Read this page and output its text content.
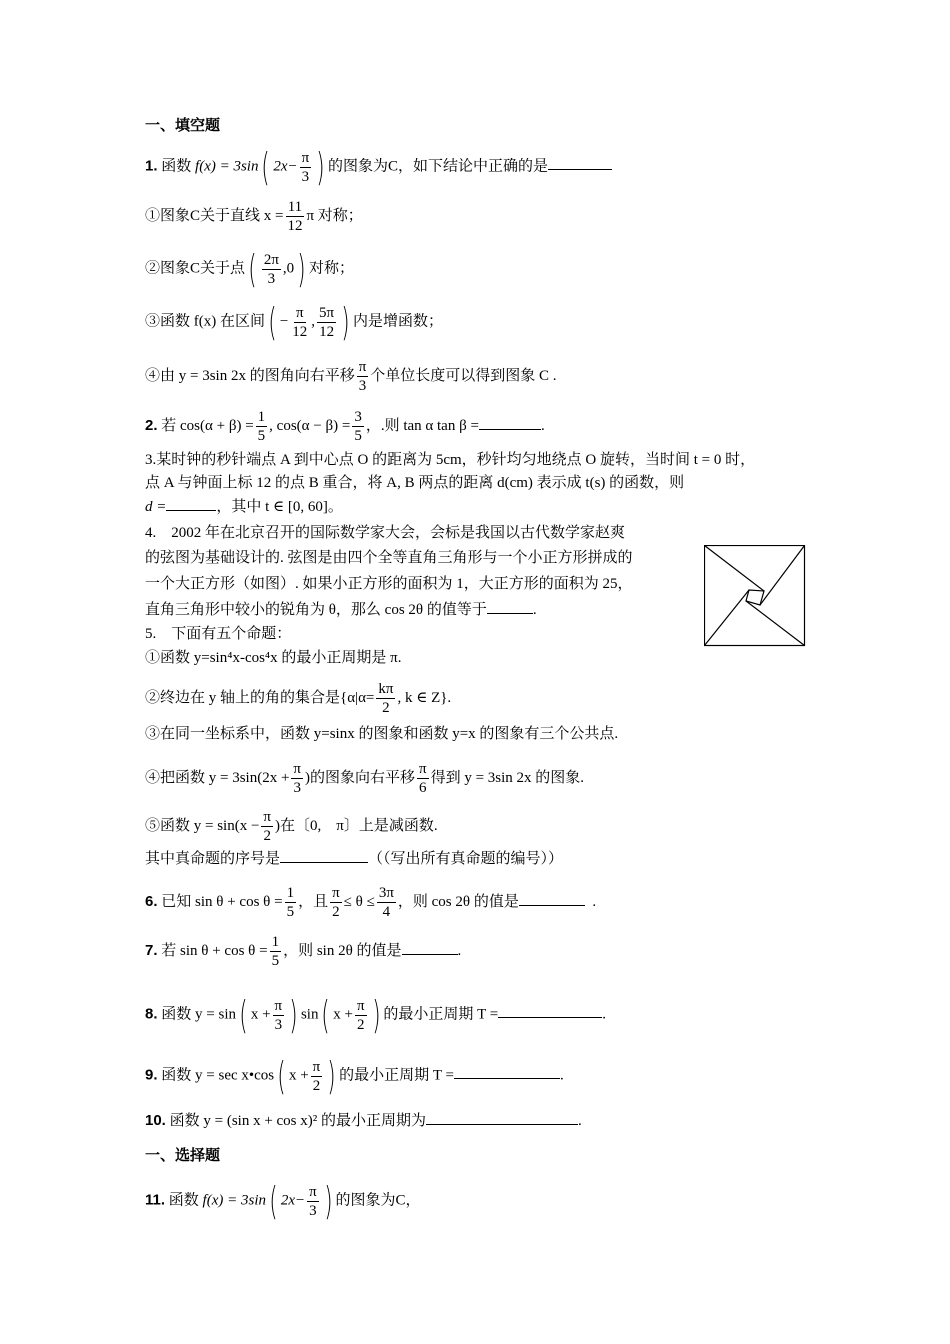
一、填空题
1. 函数 f(x) = 3sin( $2x- \frac{\pi}{3}$ ) 的图象为C，如下结论中正确的是
①图象C关于直线 $x = \frac{11}{12}$ π 对称；
②图象C关于点( $\frac{2\pi}{3} ,0$) 对称；
③函数 f(x) 在区间( − $\frac{\pi}{12}$ , $\frac{5\pi}{12}$ ) 内是增函数；
④由 y = 3sin 2x 的图角向右平移 $\frac{\pi}{3}$ 个单位长度可以得到图象 C .
2. 若 $\cos(\alpha + \beta) = \frac{1}{5}$ , $\cos(\alpha - \beta) = \frac{3}{5}$ ，.则 tan α tan β =	.
3.某时钟的秒针端点 A 到中心点 O 的距离为 5cm，秒针均匀地绕点 O 旋转，当时间 t = 0 时，
点 A 与钟面上标 12 的点 B 重合，将 A, B 两点的距离 d(cm) 表示成 t(s) 的函数，则
d =	，其中 t ∈ [0, 60]。
4.　2002 年在北京召开的国际数学家大会，会标是我国以古代数学家赵爽
的弦图为基础设计的. 弦图是由四个全等直角三角形与一个小正方形拼成的
一个大正方形（如图）. 如果小正方形的面积为 1，大正方形的面积为 25，
直角三角形中较小的锐角为 θ，那么 cos 2θ 的值等于	.
5.　下面有五个命题：
①函数 y=sin⁴x-cos⁴x 的最小正周期是 π.
②终边在 y 轴上的角的集合是{$\alpha|\alpha= \frac{k\pi}{2}$ , k ∈ Z}.
③在同一坐标系中，函数 y=sinx 的图象和函数 y=x 的图象有三个公共点.
④把函数 $y = 3\sin(2x + \frac{\pi}{3}$ )的图象向右平移 $\frac{\pi}{6}$ 得到 y = 3sin 2x 的图象.
⑤函数 $y = \sin(x - \frac{\pi}{2}$ )在〔0,　π〕上是减函数.
其中真命题的序号是	（（写出所有真命题的编号））
6. 已知 $\sin \theta + \cos \theta = \frac{1}{5}$ ，且 $\frac{\pi}{2} \le \theta \le \frac{3\pi}{4}$ ，则 cos 2θ 的值是	.
7. 若 $\sin \theta + \cos \theta = \frac{1}{5}$ ，则 sin 2θ 的值是	.
8. 函数 y = sin( $x + \frac{\pi}{3}$ ) sin( $x + \frac{\pi}{2}$ ) 的最小正周期 T =	.
9. 函数 y = sec x•cos( $x + \frac{\pi}{2}$ ) 的最小正周期 T =	.
10. 函数 y = (sin x + cos x)² 的最小正周期为	.
一、选择题
11. 函数 f(x) = 3sin( $2x- \frac{\pi}{3}$ ) 的图象为C，
